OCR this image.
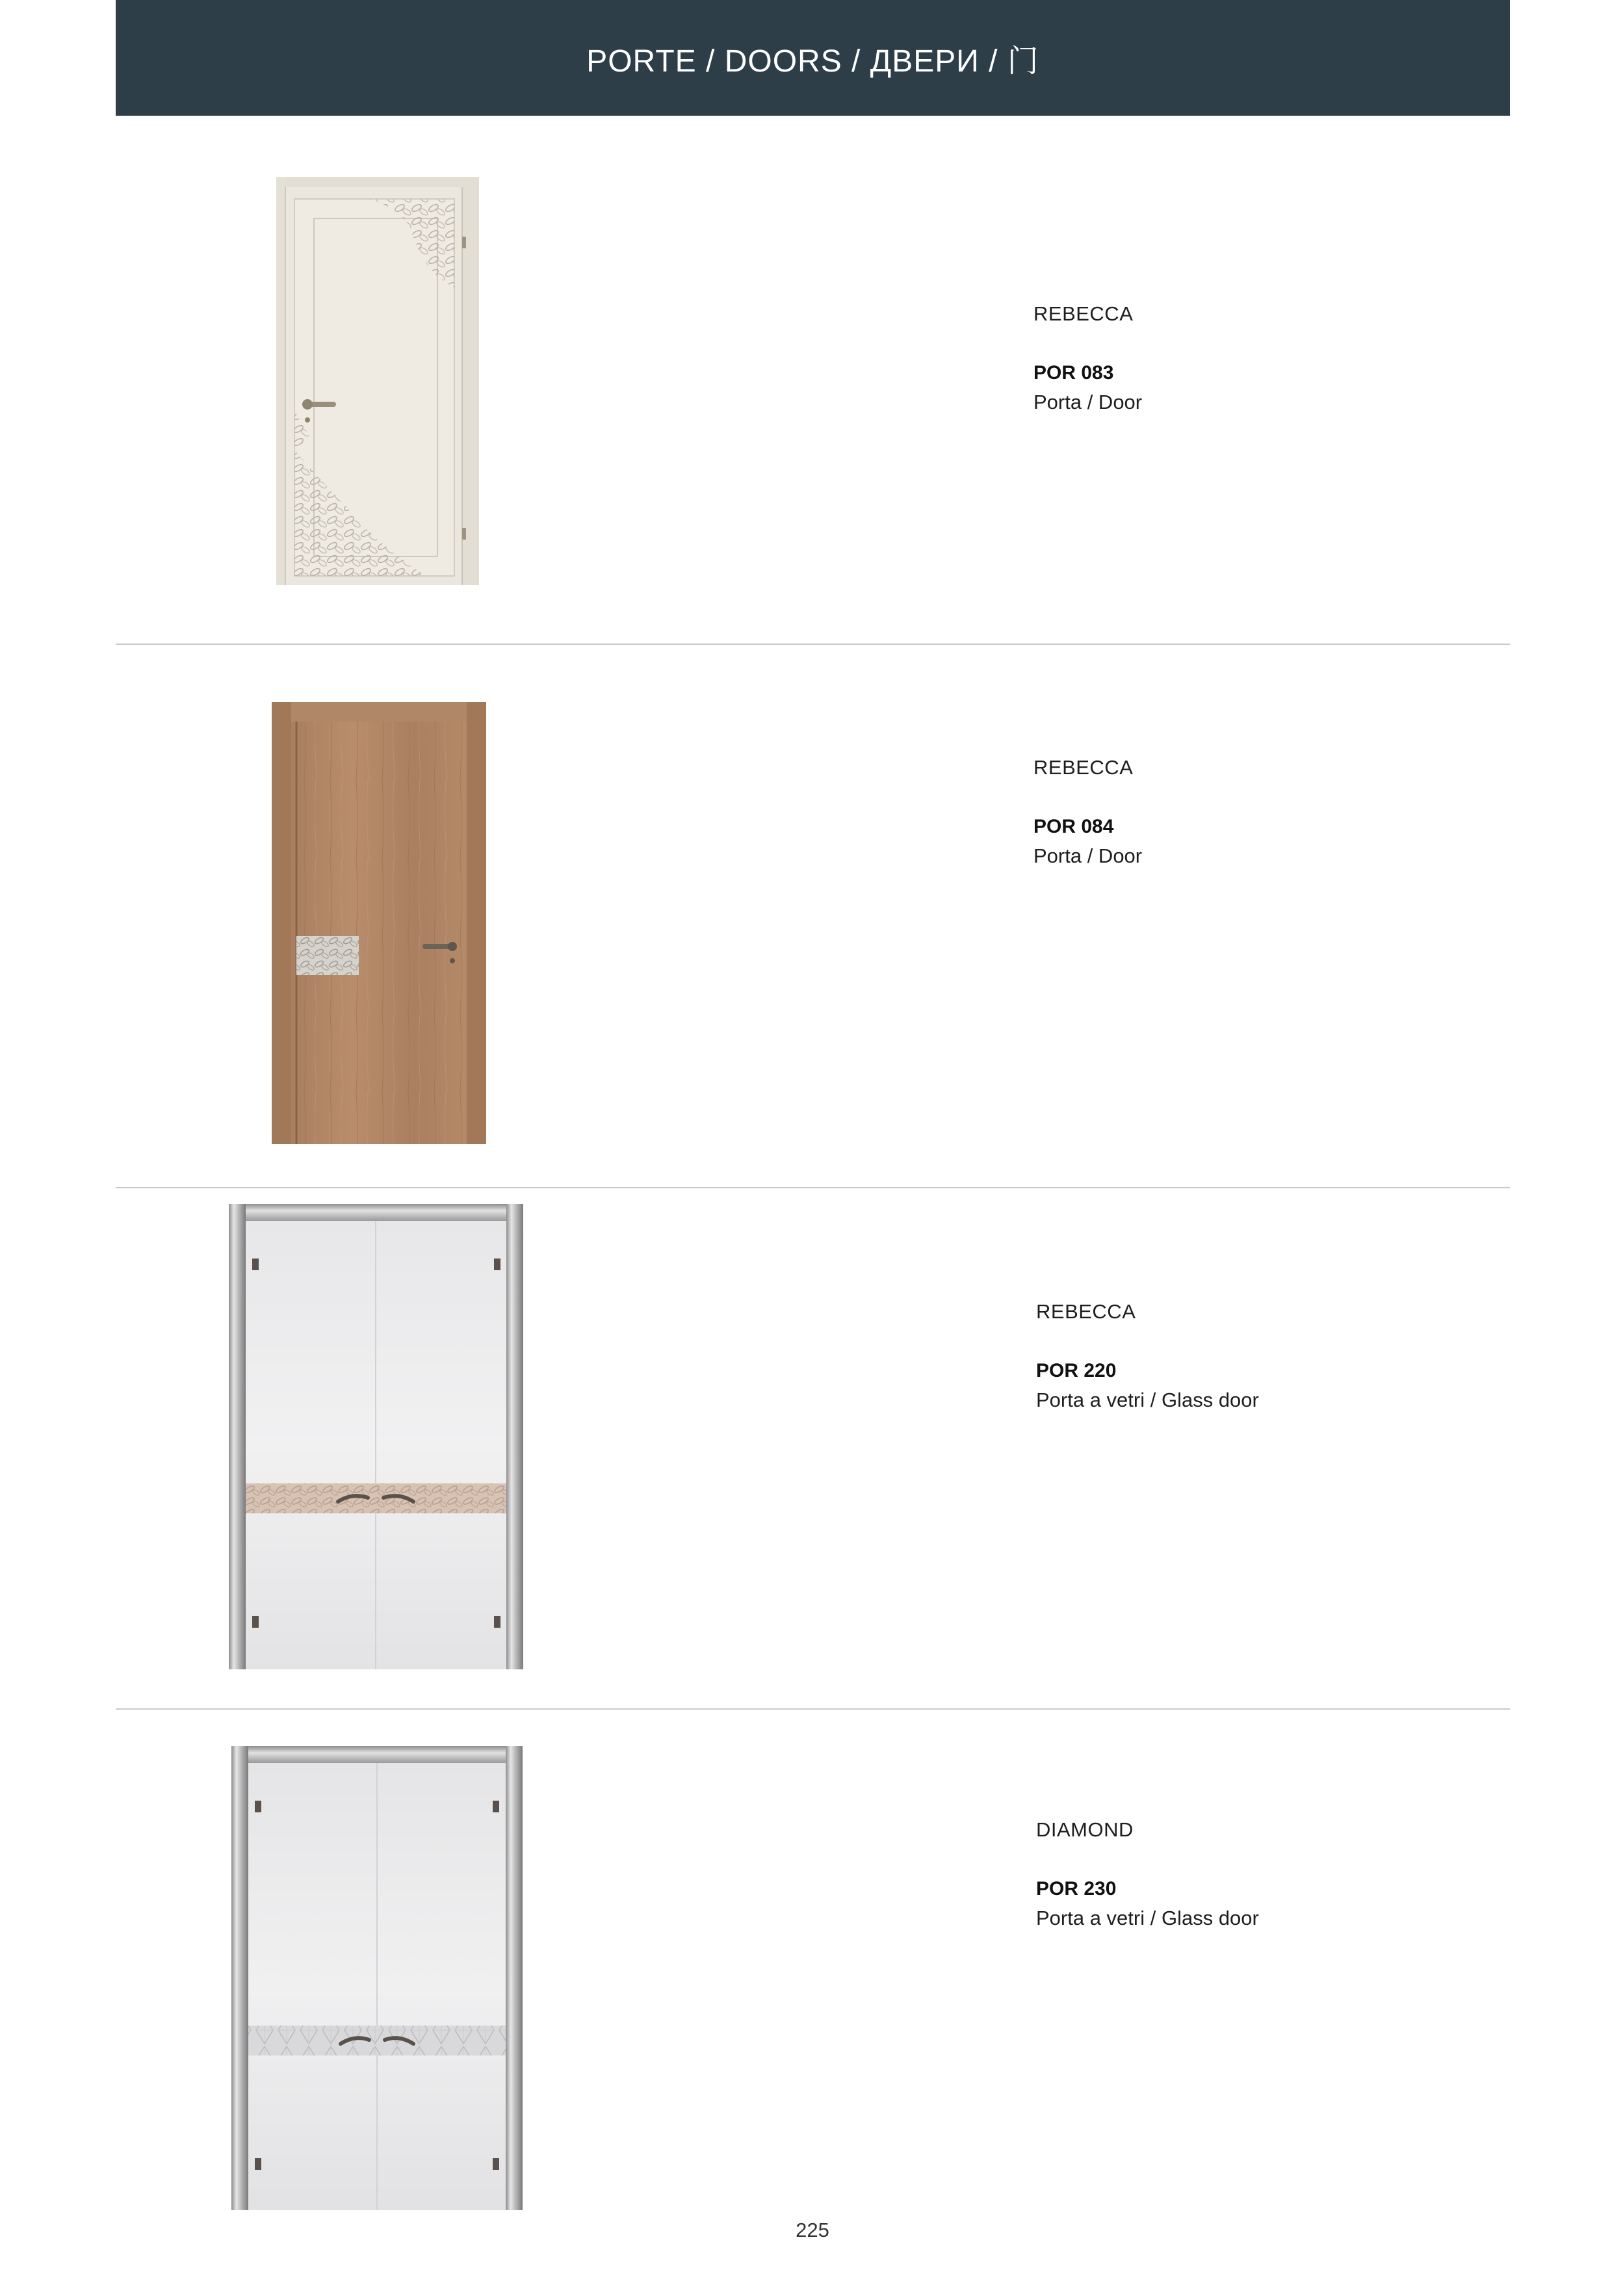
PORTE / DOORS / ДВЕРИ / 门
REBECCA
POR 083
Porta / Door
REBECCA
POR 084
Porta / Door
REBECCA
POR 220
Porta a vetri / Glass door
DIAMOND
POR 230
Porta a vetri / Glass door
225
